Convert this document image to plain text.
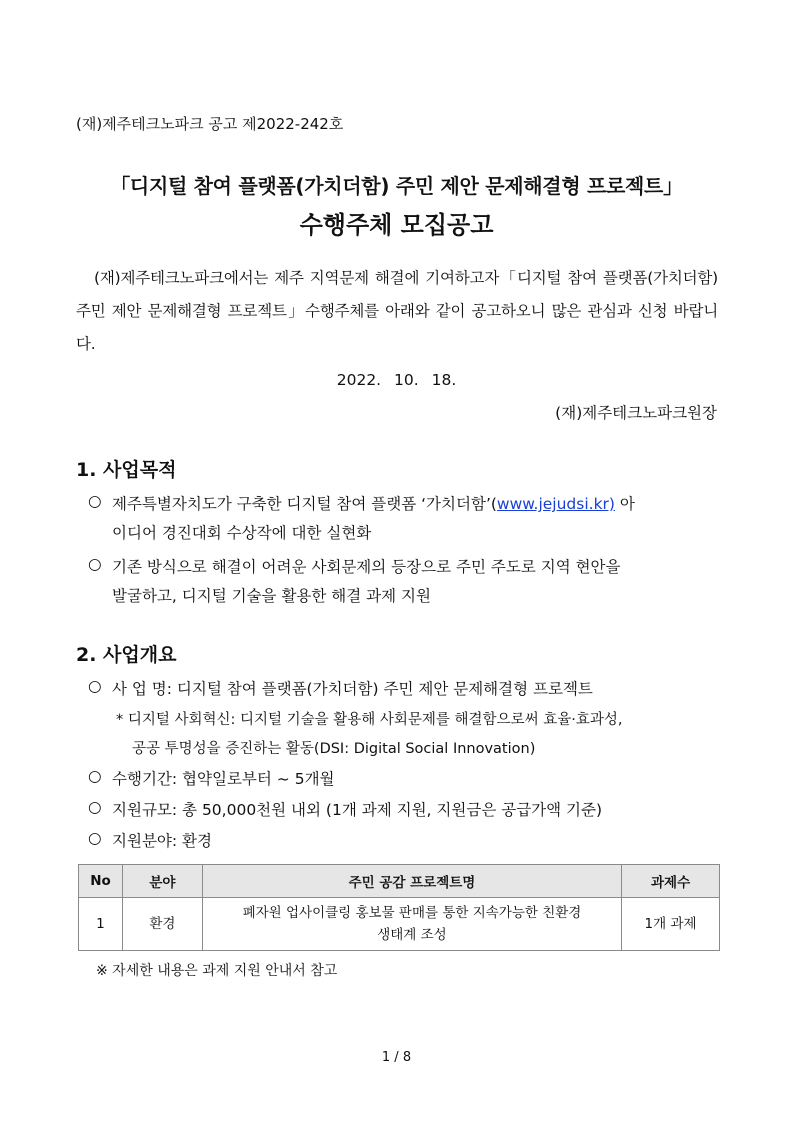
(재)제주테크노파크 공고 제2022-242호
「디지털 참여 플랫폼(가치더함) 주민 제안 문제해결형 프로젝트」
수행주체 모집공고
(재)제주테크노파크에서는 제주 지역문제 해결에 기여하고자「디지털 참여 플랫폼(가치더함) 주민 제안 문제해결형 프로젝트」수행주체를 아래와 같이 공고하오니 많은 관심과 신청 바랍니다.
2022. 10. 18.
(재)제주테크노파크원장
1. 사업목적
○ 제주특별자치도가 구축한 디지털 참여 플랫폼 ‘가치더함’(www.jejudsi.kr) 아
이디어 경진대회 수상작에 대한 실현화
○ 기존 방식으로 해결이 어려운 사회문제의 등장으로 주민 주도로 지역 현안을
발굴하고, 디지털 기술을 활용한 해결 과제 지원
2. 사업개요
○ 사 업 명: 디지털 참여 플랫폼(가치더함) 주민 제안 문제해결형 프로젝트
* 디지털 사회혁신: 디지털 기술을 활용해 사회문제를 해결함으로써 효율·효과성,
공공 투명성을 증진하는 활동(DSI: Digital Social Innovation)
○ 수행기간: 협약일로부터 ~ 5개월
○ 지원규모: 총 50,000천원 내외 (1개 과제 지원, 지원금은 공급가액 기준)
○ 지원분야: 환경
No	분야	주민 공감 프로젝트명	과제수
1	환경	폐자원 업사이클링 홍보물 판매를 통한 지속가능한 친환경
생태계 조성	1개 과제
※ 자세한 내용은 과제 지원 안내서 참고
1 / 8
